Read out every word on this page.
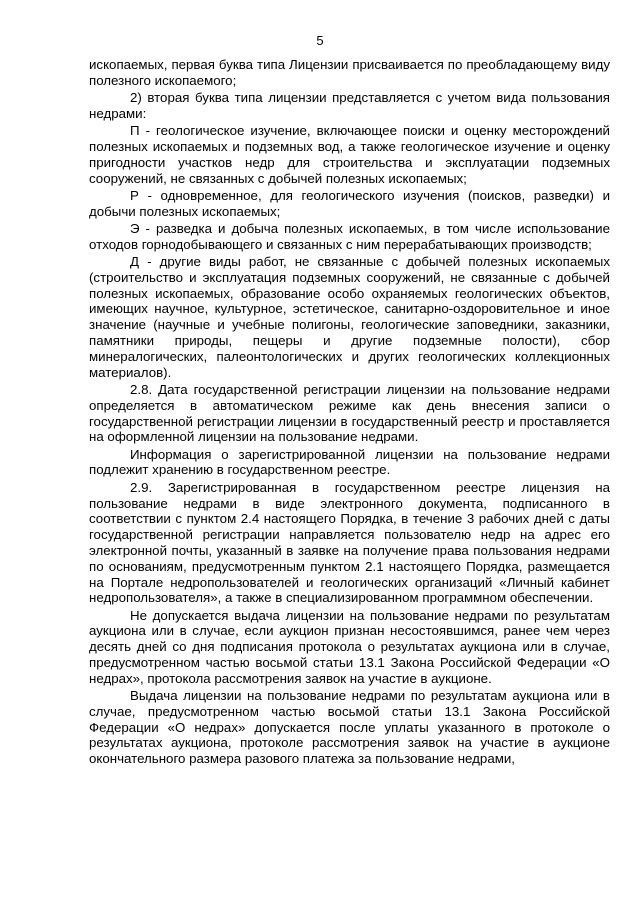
5

ископаемых, первая буква типа Лицензии присваивается по преобладающему виду полезного ископаемого;

2) вторая буква типа лицензии представляется с учетом вида пользования недрами:

П - геологическое изучение, включающее поиски и оценку месторождений полезных ископаемых и подземных вод, а также геологическое изучение и оценку пригодности участков недр для строительства и эксплуатации подземных сооружений, не связанных с добычей полезных ископаемых;

Р - одновременное, для геологического изучения (поисков, разведки) и добычи полезных ископаемых;

Э - разведка и добыча полезных ископаемых, в том числе использование отходов горнодобывающего и связанных с ним перерабатывающих производств;

Д - другие виды работ, не связанные с добычей полезных ископаемых (строительство и эксплуатация подземных сооружений, не связанные с добычей полезных ископаемых, образование особо охраняемых геологических объектов, имеющих научное, культурное, эстетическое, санитарно-оздоровительное и иное значение (научные и учебные полигоны, геологические заповедники, заказники, памятники природы, пещеры и другие подземные полости), сбор минералогических, палеонтологических и других геологических коллекционных материалов).

2.8. Дата государственной регистрации лицензии на пользование недрами определяется в автоматическом режиме как день внесения записи о государственной регистрации лицензии в государственный реестр и проставляется на оформленной лицензии на пользование недрами.

Информация о зарегистрированной лицензии на пользование недрами подлежит хранению в государственном реестре.

2.9. Зарегистрированная в государственном реестре лицензия на пользование недрами в виде электронного документа, подписанного в соответствии с пунктом 2.4 настоящего Порядка, в течение 3 рабочих дней с даты государственной регистрации направляется пользователю недр на адрес его электронной почты, указанный в заявке на получение права пользования недрами по основаниям, предусмотренным пунктом 2.1 настоящего Порядка, размещается на Портале недропользователей и геологических организаций «Личный кабинет недропользователя», а также в специализированном программном обеспечении.

Не допускается выдача лицензии на пользование недрами по результатам аукциона или в случае, если аукцион признан несостоявшимся, ранее чем через десять дней со дня подписания протокола о результатах аукциона или в случае, предусмотренном частью восьмой статьи 13.1 Закона Российской Федерации «О недрах», протокола рассмотрения заявок на участие в аукционе.

Выдача лицензии на пользование недрами по результатам аукциона или в случае, предусмотренном частью восьмой статьи 13.1 Закона Российской Федерации «О недрах» допускается после уплаты указанного в протоколе о результатах аукциона, протоколе рассмотрения заявок на участие в аукционе окончательного размера разового платежа за пользование недрами,
